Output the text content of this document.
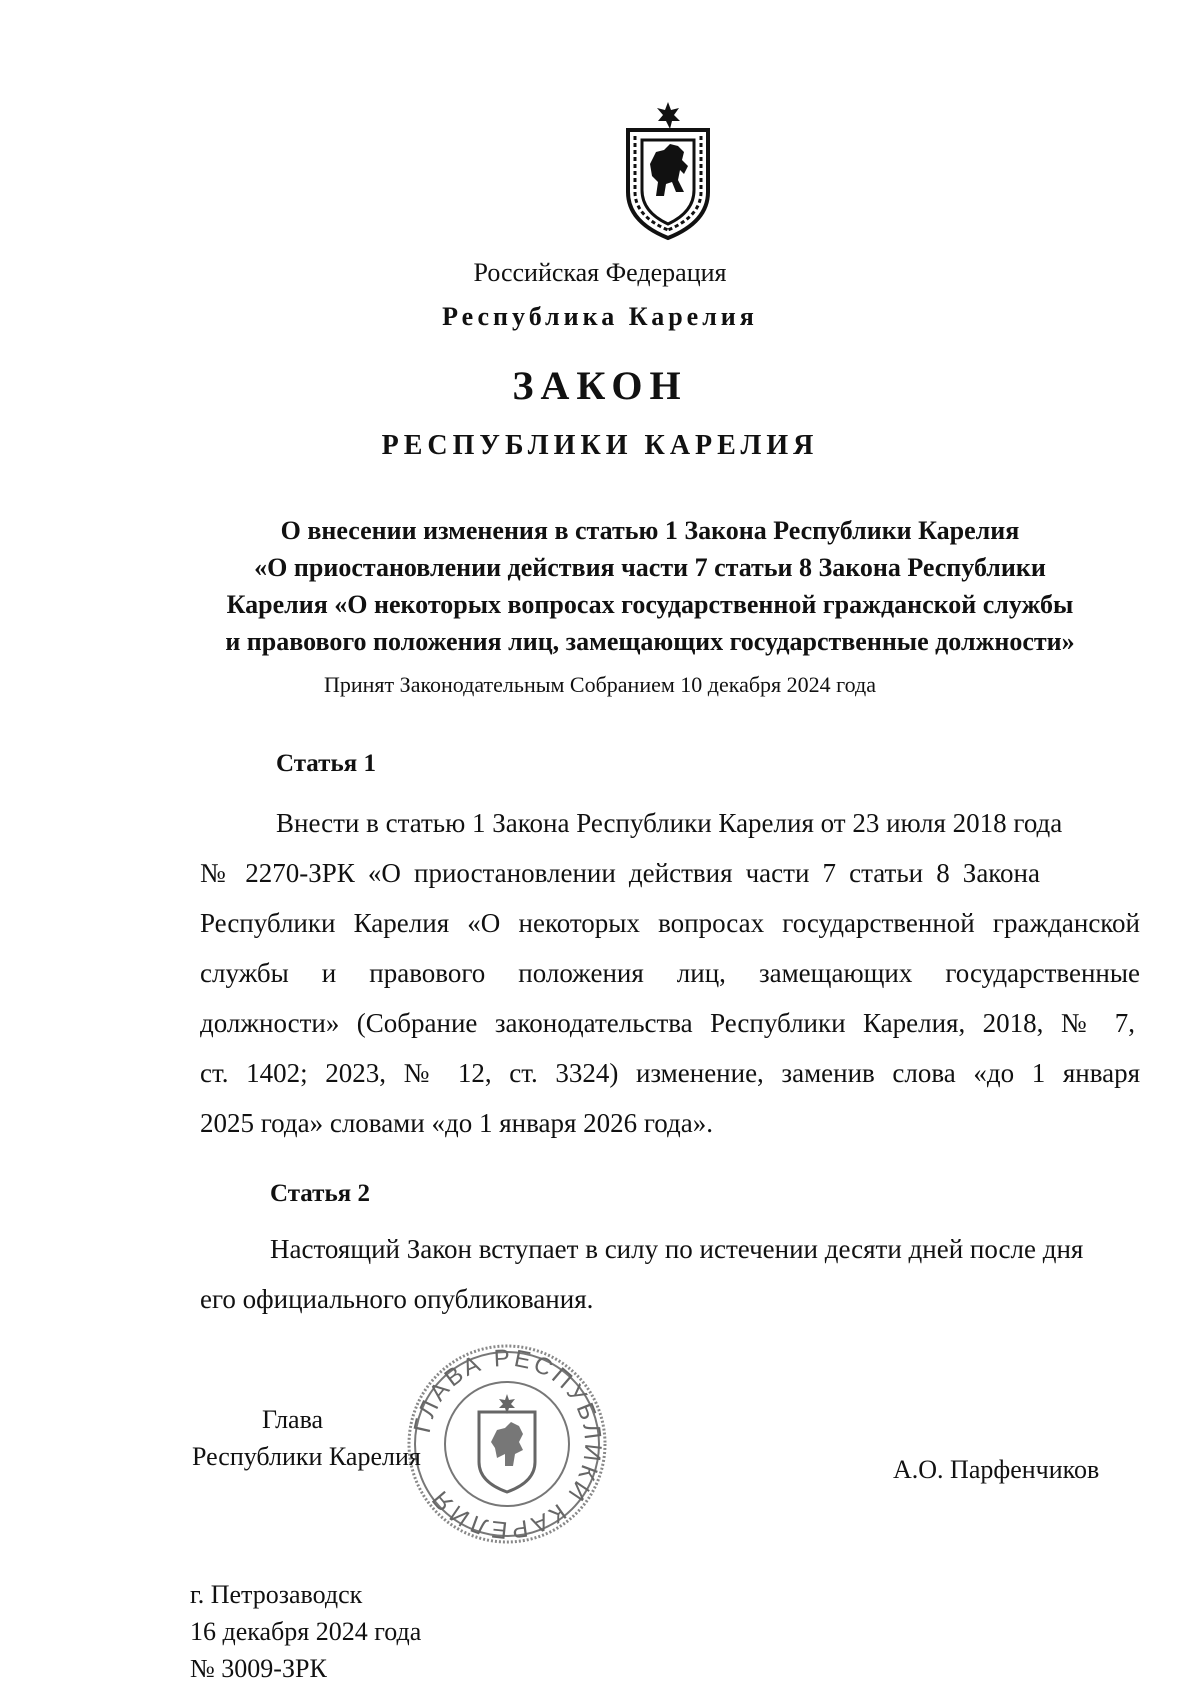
Российская Федерация
Республика Карелия
ЗАКОН
РЕСПУБЛИКИ КАРЕЛИЯ
О внесении изменения в статью 1 Закона Республики Карелия
«О приостановлении действия части 7 статьи 8 Закона Республики
Карелия «О некоторых вопросах государственной гражданской службы
и правового положения лиц, замещающих государственные должности»
Принят Законодательным Собранием 10 декабря 2024 года
Статья 1
Внести в статью 1 Закона Республики Карелия от 23 июля 2018 года
№ 2270-ЗРК «О приостановлении действия части 7 статьи 8 Закона
Республики Карелия «О некоторых вопросах государственной гражданской
службы и правового положения лиц, замещающих государственные
должности» (Собрание законодательства Республики Карелия, 2018, № 7,
ст. 1402; 2023, № 12, ст. 3324) изменение, заменив слова «до 1 января
2025 года» словами «до 1 января 2026 года».
Статья 2
Настоящий Закон вступает в силу по истечении десяти дней после дня
его официального опубликования.
ГЛАВА РЕСПУБЛИКИ КАРЕЛИЯ
Глава
Республики Карелия	А.О. Парфенчиков
г. Петрозаводск
16 декабря 2024 года
№ 3009-ЗРК
